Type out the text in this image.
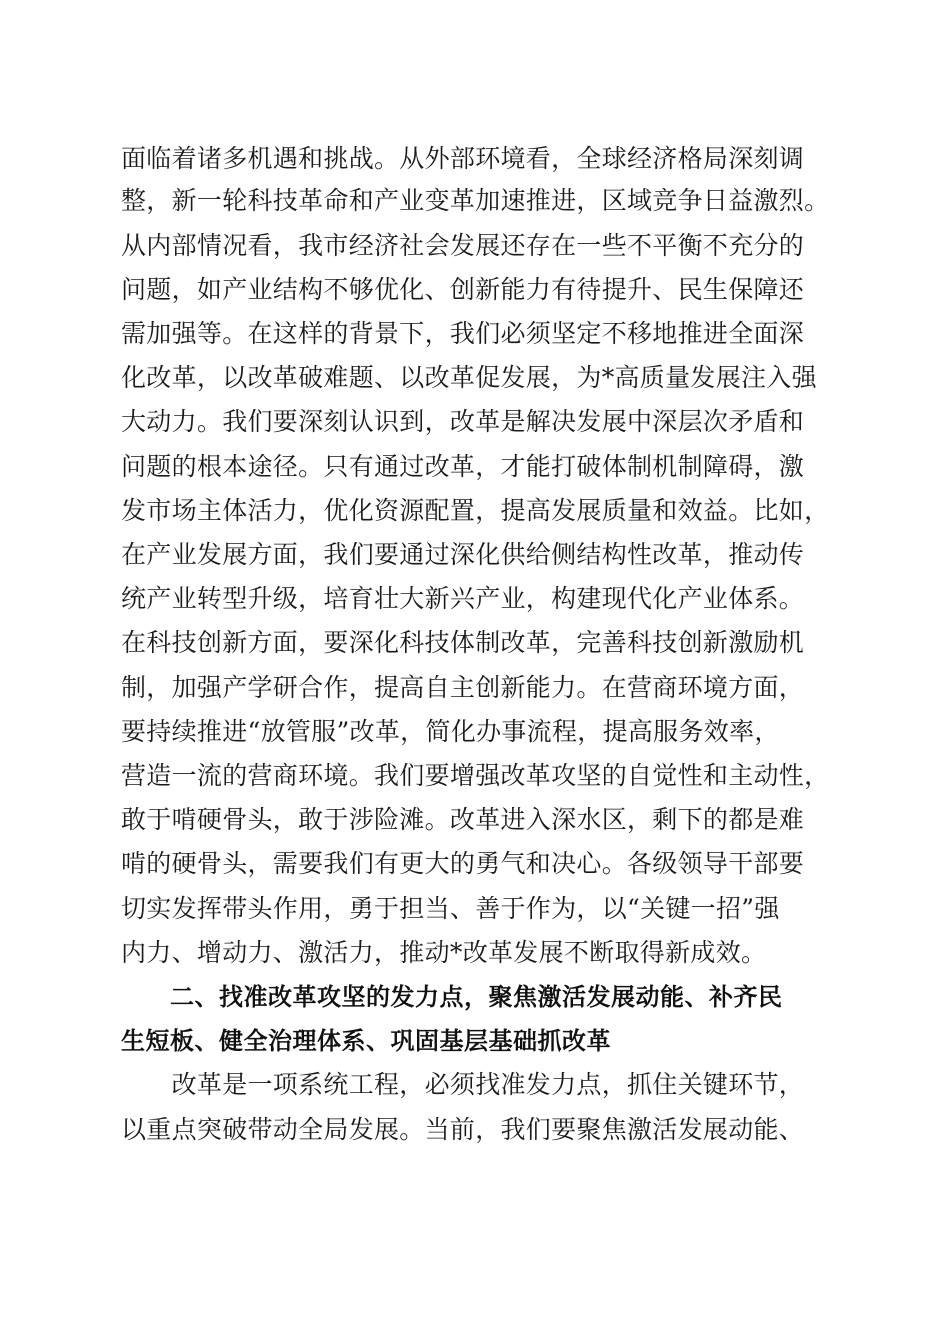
面临着诸多机遇和挑战。从外部环境看，全球经济格局深刻调
整，新一轮科技革命和产业变革加速推进，区域竞争日益激烈。
从内部情况看，我市经济社会发展还存在一些不平衡不充分的
问题，如产业结构不够优化、创新能力有待提升、民生保障还
需加强等。在这样的背景下，我们必须坚定不移地推进全面深
化改革，以改革破难题、以改革促发展，为*高质量发展注入强
大动力。我们要深刻认识到，改革是解决发展中深层次矛盾和
问题的根本途径。只有通过改革，才能打破体制机制障碍，激
发市场主体活力，优化资源配置，提高发展质量和效益。比如，
在产业发展方面，我们要通过深化供给侧结构性改革，推动传
统产业转型升级，培育壮大新兴产业，构建现代化产业体系。
在科技创新方面，要深化科技体制改革，完善科技创新激励机
制，加强产学研合作，提高自主创新能力。在营商环境方面，
要持续推进“放管服”改革，简化办事流程，提高服务效率，
营造一流的营商环境。我们要增强改革攻坚的自觉性和主动性，
敢于啃硬骨头，敢于涉险滩。改革进入深水区，剩下的都是难
啃的硬骨头，需要我们有更大的勇气和决心。各级领导干部要
切实发挥带头作用，勇于担当、善于作为，以“关键一招”强
内力、增动力、激活力，推动*改革发展不断取得新成效。
　　二、找准改革攻坚的发力点，聚焦激活发展动能、补齐民
生短板、健全治理体系、巩固基层基础抓改革
　　改革是一项系统工程，必须找准发力点，抓住关键环节，
以重点突破带动全局发展。当前，我们要聚焦激活发展动能、
